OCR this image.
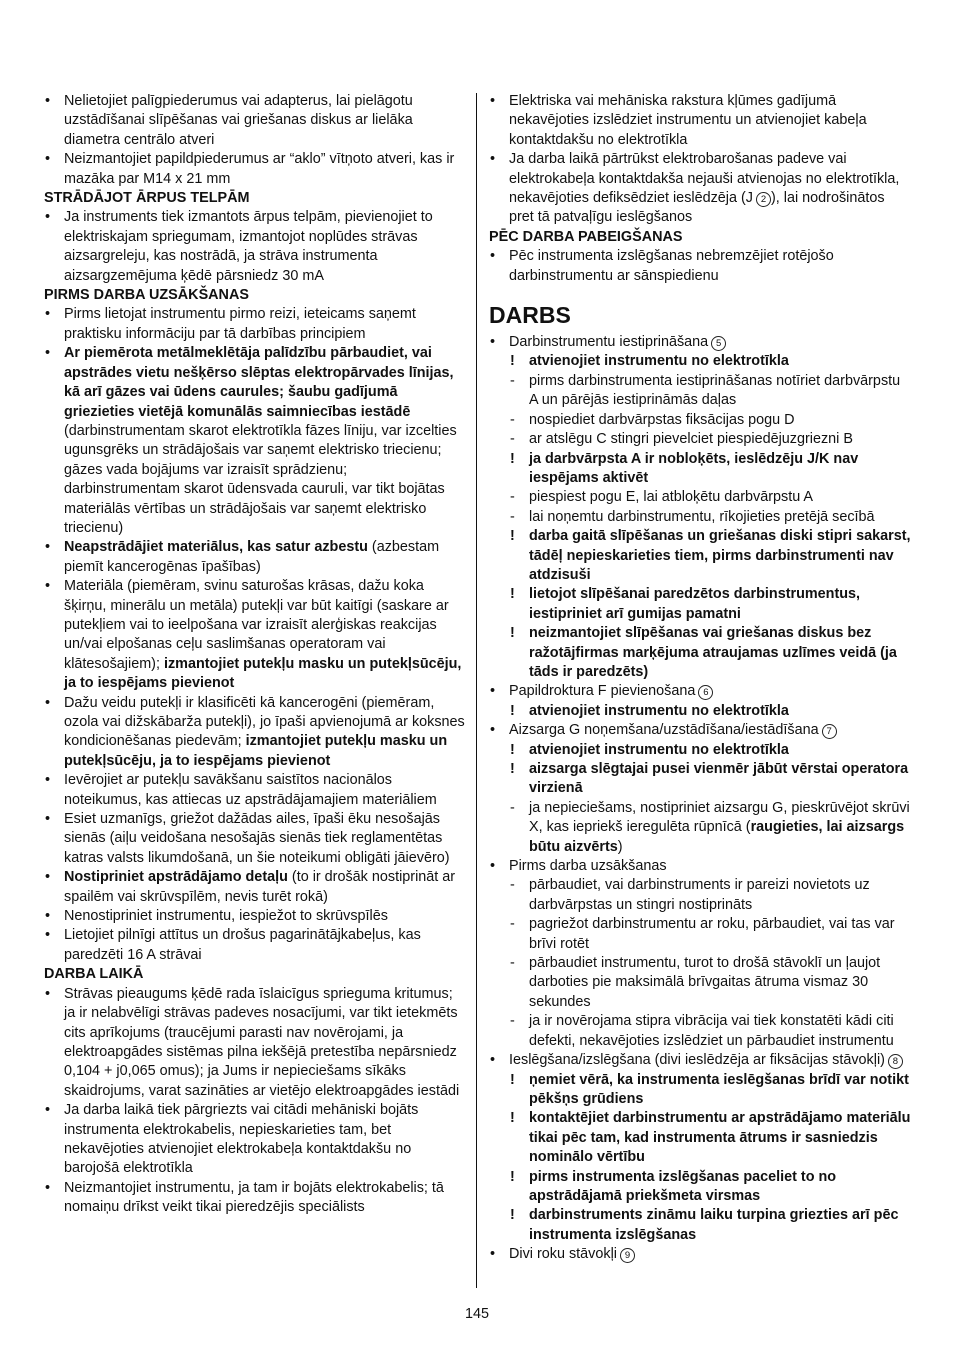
• Nelietojiet palīgpiederumus vai adapterus, lai pielāgotu uzstādīšanai slīpēšanas vai griešanas diskus ar lielāka diametra centrālo atveri

• Neizmantojiet papildpiederumus ar “aklo” vītņoto atveri, kas ir mazāka par M14 x 21 mm

STRĀDĀJOT ĀRPUS TELPĀM

• Ja instruments tiek izmantots ārpus telpām, pievienojiet to elektriskajam spriegumam, izmantojot noplūdes strāvas aizsargreleju, kas nostrādā, ja strāva instrumenta aizsargzemējuma ķēdē pārsniedz 30 mA

PIRMS DARBA UZSĀKŠANAS

• Pirms lietojat instrumentu pirmo reizi, ieteicams saņemt praktisku informāciju par tā darbības principiem

• Ar piemērota metālmeklētāja palīdzību pārbaudiet, vai apstrādes vietu nešķērso slēptas elektropārvades līnijas, kā arī gāzes vai ūdens caurules; šaubu gadījumā griezieties vietējā komunālās saimniecības iestādē (darbinstrumentam skarot elektrotīkla fāzes līniju, var izcelties ugunsgrēks un strādājošais var saņemt elektrisko triecienu; gāzes vada bojājums var izraisīt sprādzienu; darbinstrumentam skarot ūdensvada cauruli, var tikt bojātas materiālās vērtības un strādājošais var saņemt elektrisko triecienu)

• Neapstrādājiet materiālus, kas satur azbestu (azbestam piemīt kancerogēnas īpašības)

• Materiāla (piemēram, svinu saturošas krāsas, dažu koka šķirņu, minerālu un metāla) putekļi var būt kaitīgi (saskare ar putekļiem vai to ieelpošana var izraisīt alerģiskas reakcijas un/vai elpošanas ceļu saslimšanas operatoram vai klātesošajiem); izmantojiet putekļu masku un putekļsūcēju, ja to iespējams pievienot

• Dažu veidu putekļi ir klasificēti kā kancerogēni (piemēram, ozola vai dižskābarža putekļi), jo īpaši apvienojumā ar koksnes kondicionēšanas piedevām; izmantojiet putekļu masku un putekļsūcēju, ja to iespējams pievienot

• Ievērojiet ar putekļu savākšanu saistītos nacionālos noteikumus, kas attiecas uz apstrādājamajiem materiāliem

• Esiet uzmanīgs, griežot dažādas ailes, īpaši ēku nesošajās sienās (aiļu veidošana nesošajās sienās tiek reglamentētas katras valsts likumdošanā, un šie noteikumi obligāti jāievēro)

• Nostipriniet apstrādājamo detaļu (to ir drošāk nostiprināt ar spailēm vai skrūvspīlēm, nevis turēt rokā)

• Nenostipriniet instrumentu, iespiežot to skrūvspīlēs

• Lietojiet pilnīgi attītus un drošus pagarinātājkabeļus, kas paredzēti 16 A strāvai

DARBA LAIKĀ

• Strāvas pieaugums ķēdē rada īslaicīgus sprieguma kritumus; ja ir nelabvēlīgi strāvas padeves nosacījumi, var tikt ietekmēts cits aprīkojums (traucējumi parasti nav novērojami, ja elektroapgādes sistēmas pilna iekšējā pretestība nepārsniedz 0,104 + j0,065 omus); ja Jums ir nepieciešams sīkāks skaidrojums, varat sazināties ar vietējo elektroapgādes iestādi

• Ja darba laikā tiek pārgriezts vai citādi mehāniski bojāts instrumenta elektrokabelis, nepieskarieties tam, bet nekavējoties atvienojiet elektrokabeļa kontaktdakšu no barojošā elektrotīkla

• Neizmantojiet instrumentu, ja tam ir bojāts elektrokabelis; tā nomaiņu drīkst veikt tikai pieredzējis speciālists

• Elektriska vai mehāniska rakstura kļūmes gadījumā nekavējoties izslēdziet instrumentu un atvienojiet kabeļa kontaktdakšu no elektrotīkla

• Ja darba laikā pārtrūkst elektrobarošanas padeve vai elektrokabeļa kontaktdakša nejauši atvienojas no elektrotīkla, nekavējoties defiksēdziet ieslēdzēja (J 2 ), lai nodrošinātos pret tā patvaļīgu ieslēgšanos

PĒC DARBA PABEIGŠANAS

• Pēc instrumenta izslēgšanas nebremzējiet rotējošo darbinstrumentu ar sānspiedienu

DARBS

• Darbinstrumentu iestiprināšana 5

! atvienojiet instrumentu no elektrotīkla

- pirms darbinstrumenta iestiprināšanas notīriet darbvārpstu A un pārējās iestiprināmās daļas

- nospiediet darbvārpstas fiksācijas pogu D

- ar atslēgu C stingri pievelciet piespiedējuzgriezni B

! ja darbvārpsta A ir nobloķēts, ieslēdzēju J/K nav iespējams aktivēt

- piespiest pogu E, lai atbloķētu darbvārpstu A

- lai noņemtu darbinstrumentu, rīkojieties pretējā secībā

! darba gaitā slīpēšanas un griešanas diski stipri sakarst, tādēļ nepieskarieties tiem, pirms darbinstrumenti nav atdzisuši

! lietojot slīpēšanai paredzētos darbinstrumentus, iestipriniet arī gumijas pamatni

! neizmantojiet slīpēšanas vai griešanas diskus bez ražotājfirmas marķējuma atraujamas uzlīmes veidā (ja tāds ir paredzēts)

• Papildroktura F pievienošana 6

! atvienojiet instrumentu no elektrotīkla

• Aizsarga G noņemšana/uzstādīšana/iestādīšana 7

! atvienojiet instrumentu no elektrotīkla

! aizsarga slēgtajai pusei vienmēr jābūt vērstai operatora virzienā

- ja nepieciešams, nostipriniet aizsargu G, pieskrūvējot skrūvi X, kas iepriekš ieregulēta rūpnīcā (raugieties, lai aizsargs būtu aizvērts)

• Pirms darba uzsākšanas

- pārbaudiet, vai darbinstruments ir pareizi novietots uz darbvārpstas un stingri nostiprināts

- pagriežot darbinstrumentu ar roku, pārbaudiet, vai tas var brīvi rotēt

- pārbaudiet instrumentu, turot to drošā stāvoklī un ļaujot darboties pie maksimālā brīvgaitas ātruma vismaz 30 sekundes

- ja ir novērojama stipra vibrācija vai tiek konstatēti kādi citi defekti, nekavējoties izslēdziet un pārbaudiet instrumentu

• Ieslēgšana/izslēgšana (divi ieslēdzēja ar fiksācijas stāvokļi) 8

! ņemiet vērā, ka instrumenta ieslēgšanas brīdī var notikt pēkšņs grūdiens

! kontaktējiet darbinstrumentu ar apstrādājamo materiālu tikai pēc tam, kad instrumenta ātrums ir sasniedzis nominālo vērtību

! pirms instrumenta izslēgšanas paceliet to no apstrādājamā priekšmeta virsmas

! darbinstruments zināmu laiku turpina griezties arī pēc instrumenta izslēgšanas

• Divi roku stāvokļi 9

145
